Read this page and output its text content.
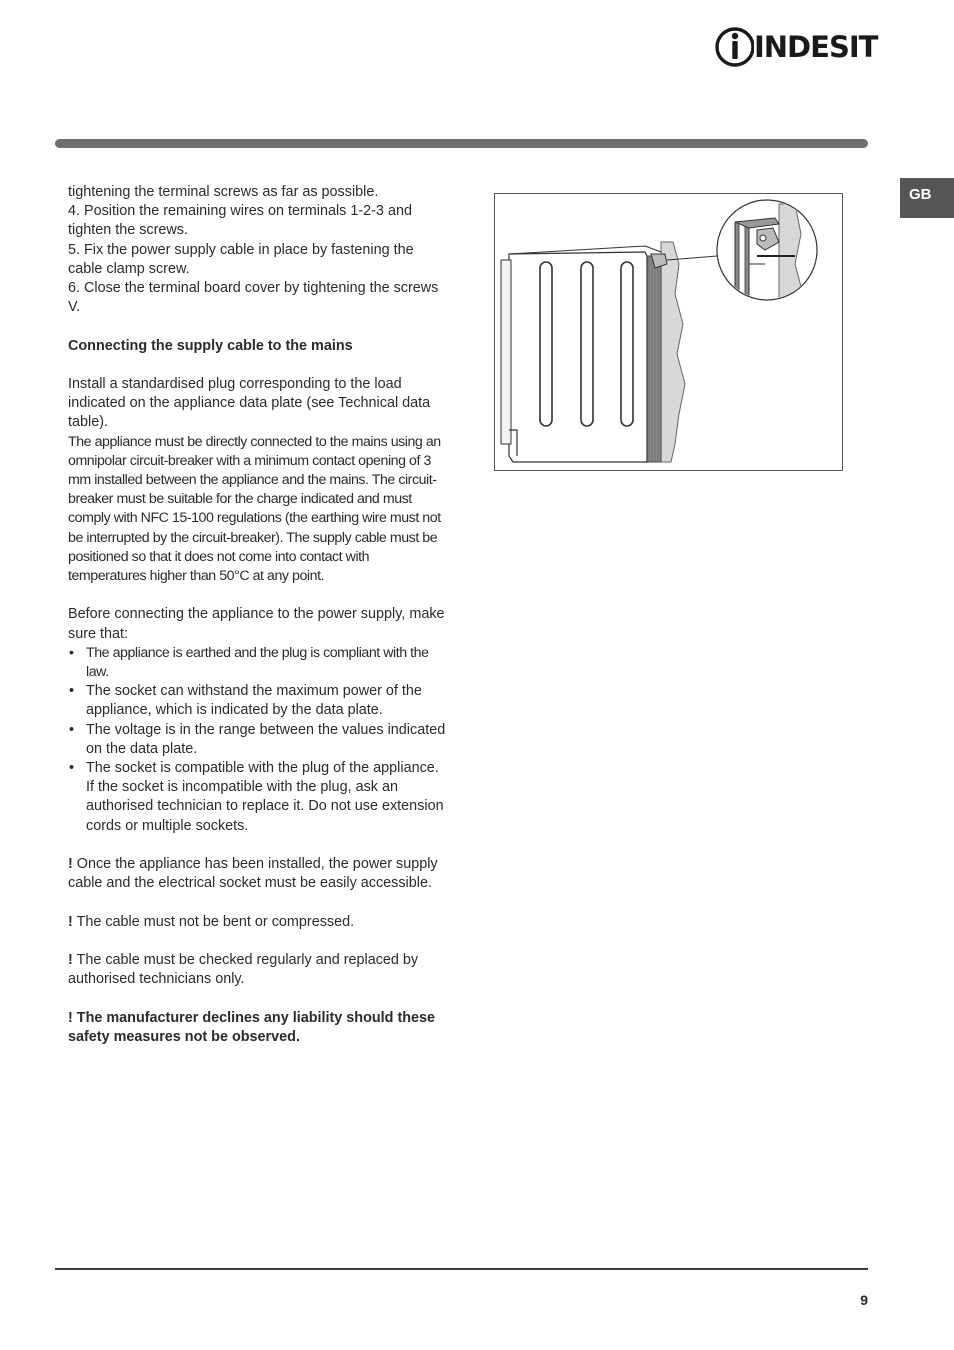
INDESIT
GB

tightening the terminal screws as far as possible.

4. Position the remaining wires on terminals 1-2-3 and tighten the screws.

5. Fix the power supply cable in place by fastening the cable clamp screw.

6. Close the terminal board cover by tightening the screws V.

Connecting the supply cable to the mains

Install a standardised plug corresponding to the load indicated on the appliance data plate (see Technical data table).

The appliance must be directly connected to the mains using an omnipolar circuit-breaker with a minimum contact opening of 3 mm installed between the appliance and the mains. The circuit-breaker must be suitable for the charge indicated and must comply with NFC 15-100 regulations (the earthing wire must not be interrupted by the circuit-breaker). The supply cable must be positioned so that it does not come into contact with temperatures higher than 50°C at any point.

Before connecting the appliance to the power supply, make sure that:

• The appliance is earthed and the plug is compliant with the law.
• The socket can withstand the maximum power of the appliance, which is indicated by the data plate.
• The voltage is in the range between the values indicated on the data plate.
• The socket is compatible with the plug of the appliance. If the socket is incompatible with the plug, ask an authorised technician to replace it. Do not use extension cords or multiple sockets.

! Once the appliance has been installed, the power supply cable and the electrical socket must be easily accessible.

! The cable must not be bent or compressed.

! The cable must be checked regularly and replaced by authorised technicians only.

! The manufacturer declines any liability should these safety measures not be observed.

9
